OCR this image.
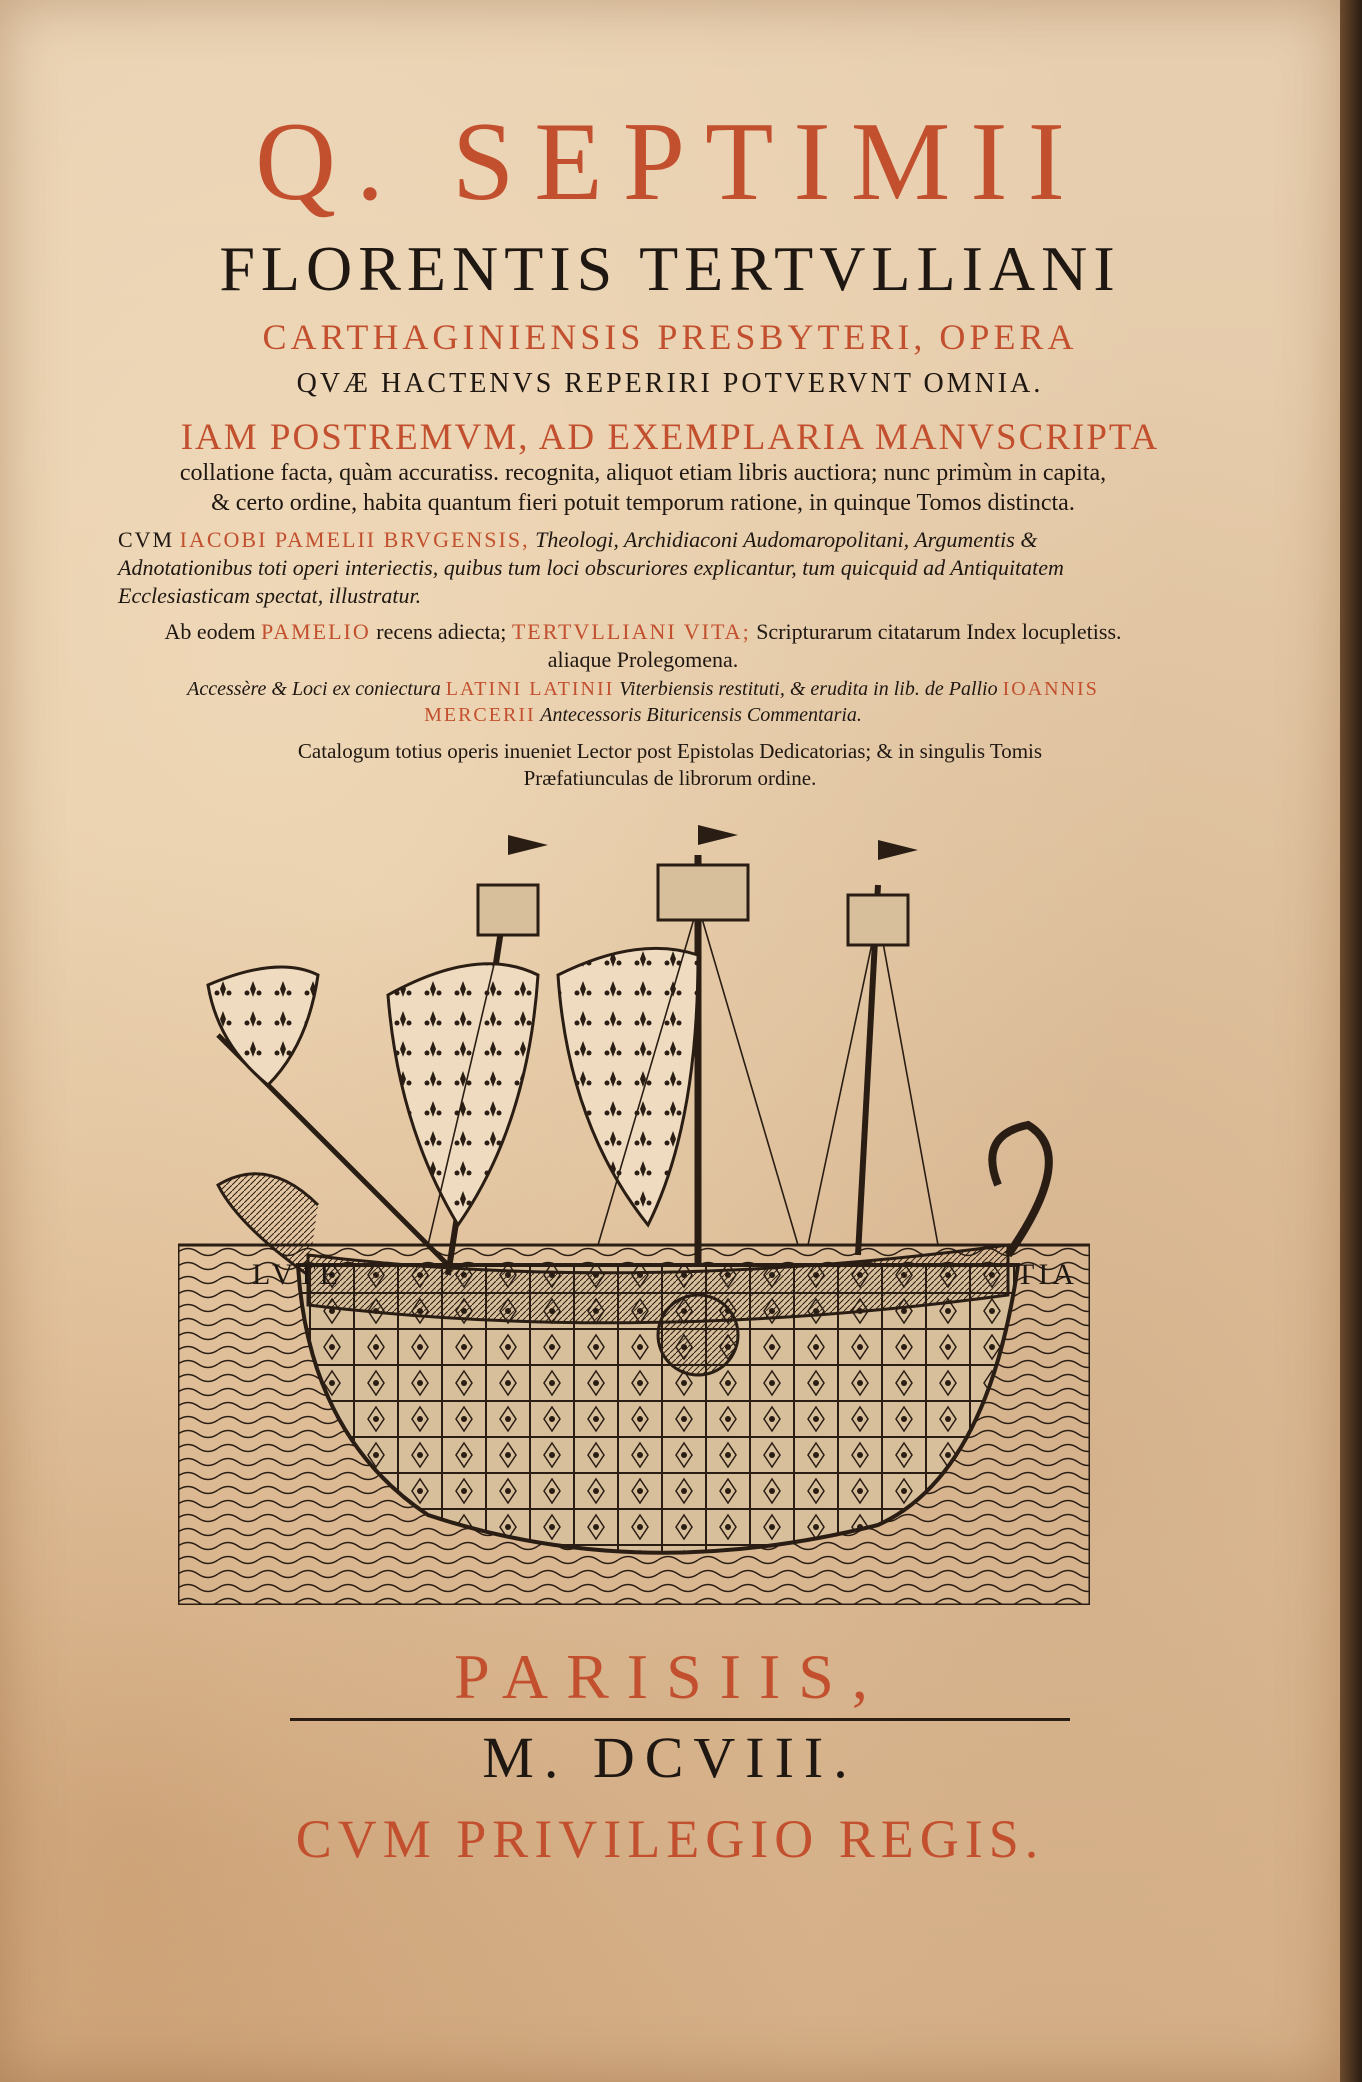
Q. SEPTIMII
FLORENTIS TERTVLLIANI
CARTHAGINIENSIS PRESBYTERI, OPERA
QVÆ HACTENVS REPERIRI POTVERVNT OMNIA.
IAM POSTREMVM, AD EXEMPLARIA MANVSCRIPTA
collatione facta, quàm accuratiss. recognita, aliquot etiam libris auctiora; nunc primùm in capita,
& certo ordine, habita quantum fieri potuit temporum ratione, in quinque Tomos distincta.
CVM IACOBI PAMELII BRVGENSIS, Theologi, Archidiaconi Audomaropolitani, Argumentis &
Adnotationibus toti operi interiectis, quibus tum loci obscuriores explicantur, tum quicquid ad Antiquitatem
Ecclesiasticam spectat, illustratur.
Ab eodem PAMELIO recens adiecta; TERTVLLIANI VITA; Scripturarum citatarum Index locupletiss.
aliaque Prolegomena.
Accessère & Loci ex coniectura LATINI LATINII Viterbiensis restituti, & erudita in lib. de Pallio IOANNIS
MERCERII Antecessoris Bituricensis Commentaria.
Catalogum totius operis inueniet Lector post Epistolas Dedicatorias; & in singulis Tomis
Præfatiunculas de librorum ordine.
LVTE	TIA
PARISIIS,
M. DCVIII.
CVM PRIVILEGIO REGIS.
